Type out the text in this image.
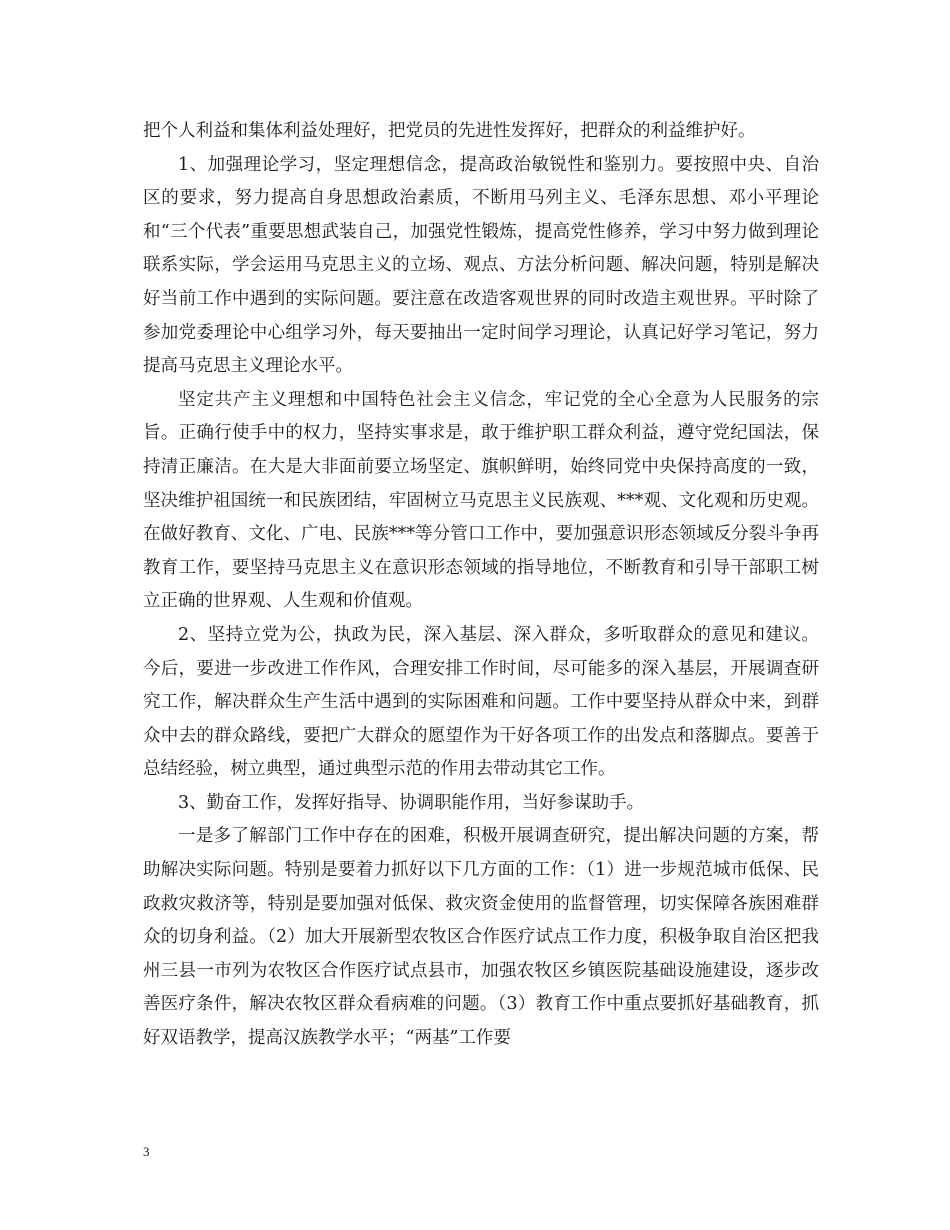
把个人利益和集体利益处理好，把党员的先进性发挥好，把群众的利益维护好。

1、加强理论学习，坚定理想信念，提高政治敏锐性和鉴别力。要按照中央、自治区的要求，努力提高自身思想政治素质，不断用马列主义、毛泽东思想、邓小平理论和“三个代表”重要思想武装自己，加强党性锻炼，提高党性修养，学习中努力做到理论联系实际，学会运用马克思主义的立场、观点、方法分析问题、解决问题，特别是解决好当前工作中遇到的实际问题。要注意在改造客观世界的同时改造主观世界。平时除了参加党委理论中心组学习外，每天要抽出一定时间学习理论，认真记好学习笔记，努力提高马克思主义理论水平。

坚定共产主义理想和中国特色社会主义信念，牢记党的全心全意为人民服务的宗旨。正确行使手中的权力，坚持实事求是，敢于维护职工群众利益，遵守党纪国法，保持清正廉洁。在大是大非面前要立场坚定、旗帜鲜明，始终同党中央保持高度的一致，坚决维护祖国统一和民族团结，牢固树立马克思主义民族观、***观、文化观和历史观。在做好教育、文化、广电、民族***等分管口工作中，要加强意识形态领域反分裂斗争再教育工作，要坚持马克思主义在意识形态领域的指导地位，不断教育和引导干部职工树立正确的世界观、人生观和价值观。

2、坚持立党为公，执政为民，深入基层、深入群众，多听取群众的意见和建议。今后，要进一步改进工作作风，合理安排工作时间，尽可能多的深入基层，开展调查研究工作，解决群众生产生活中遇到的实际困难和问题。工作中要坚持从群众中来，到群众中去的群众路线，要把广大群众的愿望作为干好各项工作的出发点和落脚点。要善于总结经验，树立典型，通过典型示范的作用去带动其它工作。

3、勤奋工作，发挥好指导、协调职能作用，当好参谋助手。

一是多了解部门工作中存在的困难，积极开展调查研究，提出解决问题的方案，帮助解决实际问题。特别是要着力抓好以下几方面的工作：（1）进一步规范城市低保、民政救灾救济等，特别是要加强对低保、救灾资金使用的监督管理，切实保障各族困难群众的切身利益。（2）加大开展新型农牧区合作医疗试点工作力度，积极争取自治区把我州三县一市列为农牧区合作医疗试点县市，加强农牧区乡镇医院基础设施建设，逐步改善医疗条件，解决农牧区群众看病难的问题。（3）教育工作中重点要抓好基础教育，抓好双语教学，提高汉族教学水平；“两基”工作要

3
